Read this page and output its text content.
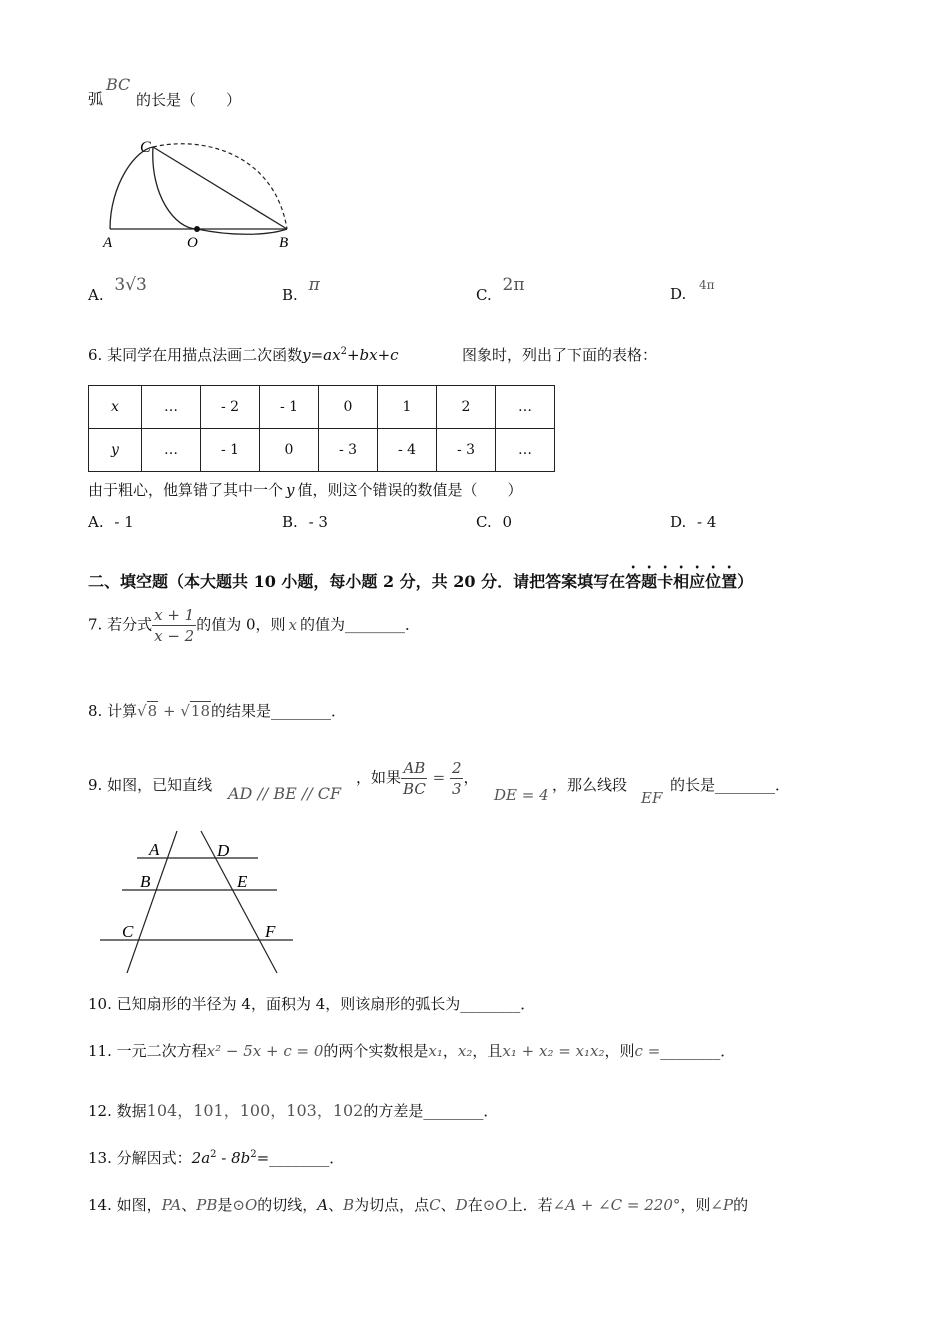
弧
BC
的长是（　　）
C
A	O	B
A. 3√3	B. π	C. 2π	D. 4π
6. 某同学在用描点法画二次函数$y=ax^2+bx+c$	图象时，列出了下面的表格：
x	…	- 2	- 1	0	1	2	…
y	…	- 1	0	- 3	- 4	- 3	…
由于粗心，他算错了其中一个 y 值，则这个错误的数值是（　　）
A. - 1	B. - 3	C. 0	D. - 4
二、填空题（本大题共 10 小题，每小题 2 分，共 20 分．请把答案填写在答题卡相应位置）
7. 若分式 $\frac{x + 1}{x - 2}$ 的值为 0，则 x 的值为________．
8. 计算√8 + √18的结果是________．
9. 如图，已知直线 AD // BE // CF
，如果 $\frac{AB}{BC} = \frac{2}{3}$ ，
DE = 4
，那么线段
EF
的长是________．
A	D
B	E
C	F
10. 已知扇形的半径为 4，面积为 4，则该扇形的弧长为________．
11. 一元二次方程x² − 5x + c = 0的两个实数根是x₁，x₂，且x₁ + x₂ = x₁x₂，则c =________．
12. 数据104，101，100，103，102的方差是________．
13. 分解因式：$2a^2$ - $8b^2=\_\_\_\_\_\_\_\_$．
14. 如图，PA、PB是⊙O的切线，A、B为切点，点C、D在⊙O上．若∠A + ∠C = 220°，则∠P的
